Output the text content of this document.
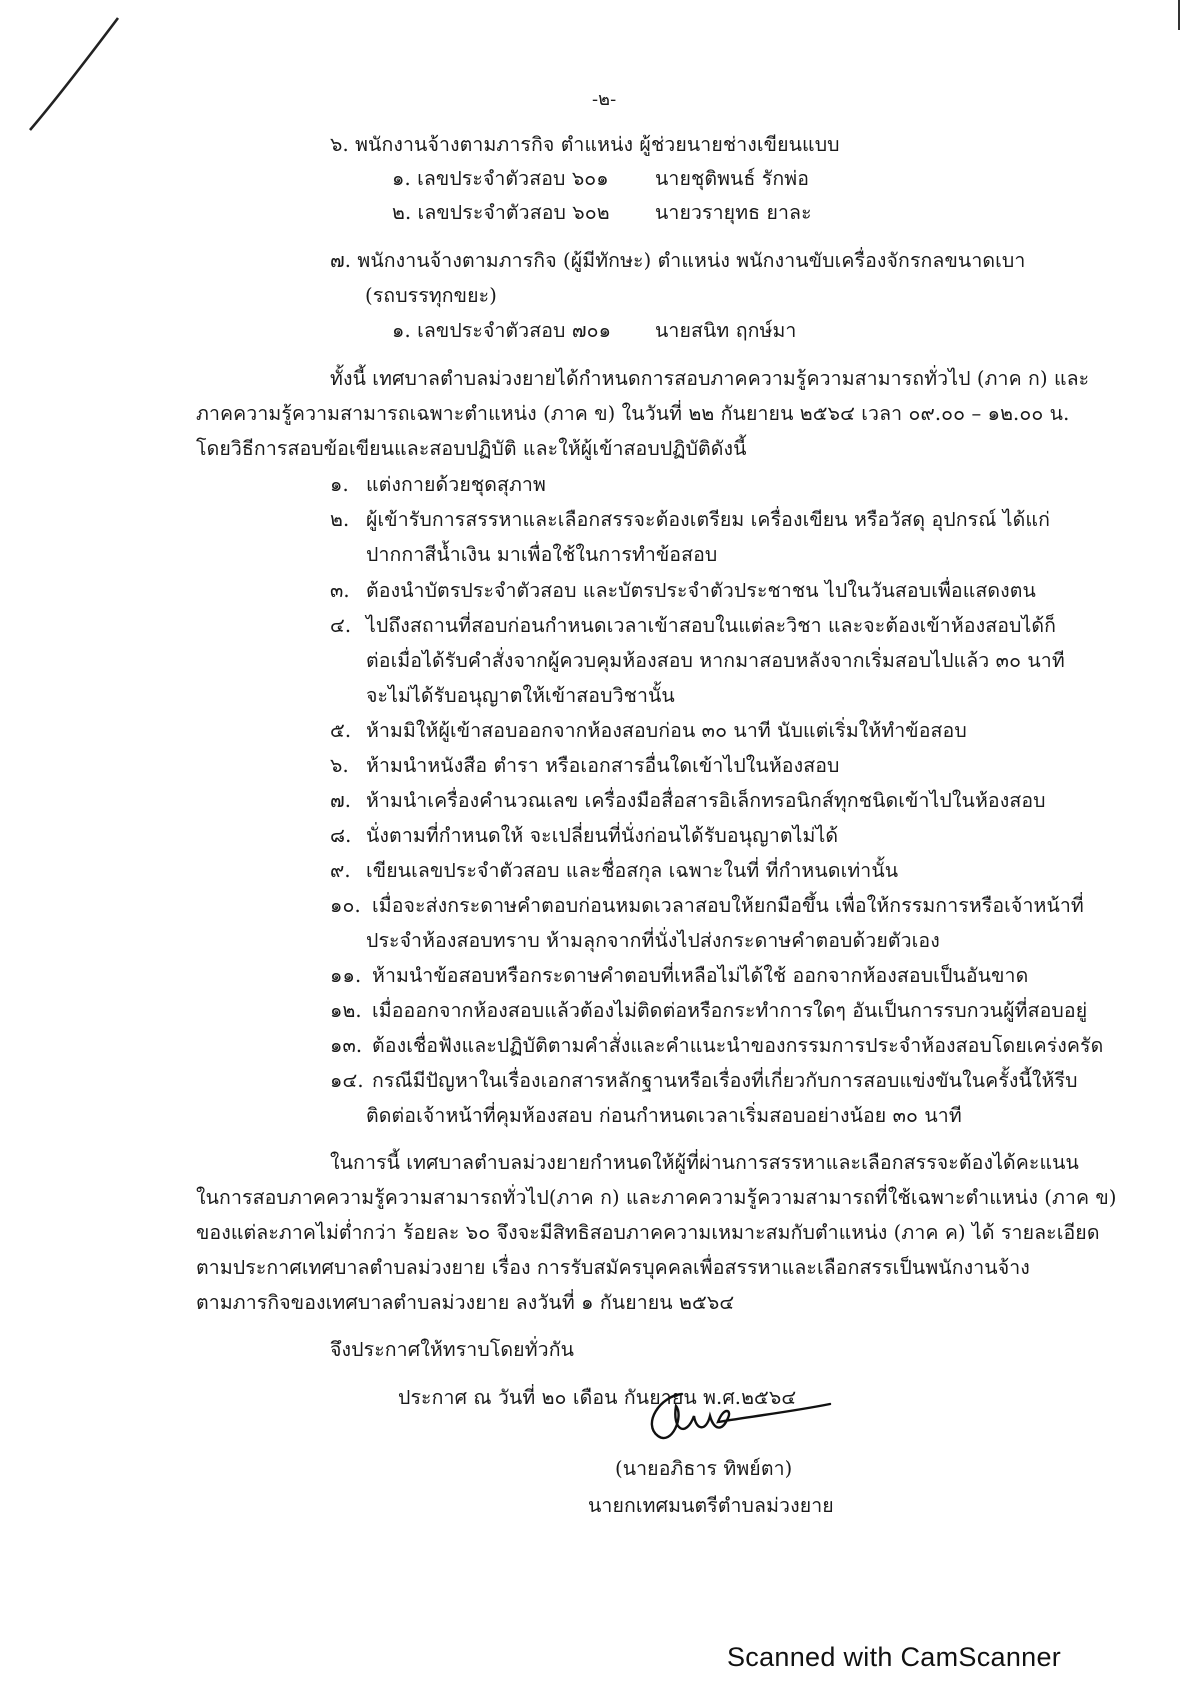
-๒-
๖. พนักงานจ้างตามภารกิจ ตำแหน่ง ผู้ช่วยนายช่างเขียนแบบ
๑. เลขประจำตัวสอบ ๖๐๑ นายชุติพนธ์ รักพ่อ
๒. เลขประจำตัวสอบ ๖๐๒ นายวรายุทธ ยาละ
๗. พนักงานจ้างตามภารกิจ (ผู้มีทักษะ) ตำแหน่ง พนักงานขับเครื่องจักรกลขนาดเบา
(รถบรรทุกขยะ)
๑. เลขประจำตัวสอบ ๗๐๑ นายสนิท ฤกษ์มา
ทั้งนี้ เทศบาลตำบลม่วงยายได้กำหนดการสอบภาคความรู้ความสามารถทั่วไป (ภาค ก) และ
ภาคความรู้ความสามารถเฉพาะตำแหน่ง (ภาค ข) ในวันที่ ๒๒ กันยายน ๒๕๖๔ เวลา ๐๙.๐๐ – ๑๒.๐๐ น.
โดยวิธีการสอบข้อเขียนและสอบปฏิบัติ และให้ผู้เข้าสอบปฏิบัติดังนี้
๑. แต่งกายด้วยชุดสุภาพ
๒. ผู้เข้ารับการสรรหาและเลือกสรรจะต้องเตรียม เครื่องเขียน หรือวัสดุ อุปกรณ์ ได้แก่
ปากกาสีน้ำเงิน มาเพื่อใช้ในการทำข้อสอบ
๓. ต้องนำบัตรประจำตัวสอบ และบัตรประจำตัวประชาชน ไปในวันสอบเพื่อแสดงตน
๔. ไปถึงสถานที่สอบก่อนกำหนดเวลาเข้าสอบในแต่ละวิชา และจะต้องเข้าห้องสอบได้ก็
ต่อเมื่อได้รับคำสั่งจากผู้ควบคุมห้องสอบ หากมาสอบหลังจากเริ่มสอบไปแล้ว ๓๐ นาที
จะไม่ได้รับอนุญาตให้เข้าสอบวิชานั้น
๕. ห้ามมิให้ผู้เข้าสอบออกจากห้องสอบก่อน ๓๐ นาที นับแต่เริ่มให้ทำข้อสอบ
๖. ห้ามนำหนังสือ ตำรา หรือเอกสารอื่นใดเข้าไปในห้องสอบ
๗. ห้ามนำเครื่องคำนวณเลข เครื่องมือสื่อสารอิเล็กทรอนิกส์ทุกชนิดเข้าไปในห้องสอบ
๘. นั่งตามที่กำหนดให้ จะเปลี่ยนที่นั่งก่อนได้รับอนุญาตไม่ได้
๙. เขียนเลขประจำตัวสอบ และชื่อสกุล เฉพาะในที่ ที่กำหนดเท่านั้น
๑๐. เมื่อจะส่งกระดาษคำตอบก่อนหมดเวลาสอบให้ยกมือขึ้น เพื่อให้กรรมการหรือเจ้าหน้าที่
ประจำห้องสอบทราบ ห้ามลุกจากที่นั่งไปส่งกระดาษคำตอบด้วยตัวเอง
๑๑. ห้ามนำข้อสอบหรือกระดาษคำตอบที่เหลือไม่ได้ใช้ ออกจากห้องสอบเป็นอันขาด
๑๒. เมื่อออกจากห้องสอบแล้วต้องไม่ติดต่อหรือกระทำการใดๆ อันเป็นการรบกวนผู้ที่สอบอยู่
๑๓. ต้องเชื่อฟังและปฏิบัติตามคำสั่งและคำแนะนำของกรรมการประจำห้องสอบโดยเคร่งครัด
๑๔. กรณีมีปัญหาในเรื่องเอกสารหลักฐานหรือเรื่องที่เกี่ยวกับการสอบแข่งขันในครั้งนี้ให้รีบ
ติดต่อเจ้าหน้าที่คุมห้องสอบ ก่อนกำหนดเวลาเริ่มสอบอย่างน้อย ๓๐ นาที
ในการนี้ เทศบาลตำบลม่วงยายกำหนดให้ผู้ที่ผ่านการสรรหาและเลือกสรรจะต้องได้คะแนน
ในการสอบภาคความรู้ความสามารถทั่วไป(ภาค ก) และภาคความรู้ความสามารถที่ใช้เฉพาะตำแหน่ง (ภาค ข)
ของแต่ละภาคไม่ต่ำกว่า ร้อยละ ๖๐ จึงจะมีสิทธิสอบภาคความเหมาะสมกับตำแหน่ง (ภาค ค) ได้ รายละเอียด
ตามประกาศเทศบาลตำบลม่วงยาย เรื่อง การรับสมัครบุคคลเพื่อสรรหาและเลือกสรรเป็นพนักงานจ้าง
ตามภารกิจของเทศบาลตำบลม่วงยาย ลงวันที่ ๑ กันยายน ๒๕๖๔
จึงประกาศให้ทราบโดยทั่วกัน
ประกาศ ณ วันที่ ๒๐ เดือน กันยายน พ.ศ.๒๕๖๔
(นายอภิธาร ทิพย์ตา)
นายกเทศมนตรีตำบลม่วงยาย
Scanned with CamScanner
